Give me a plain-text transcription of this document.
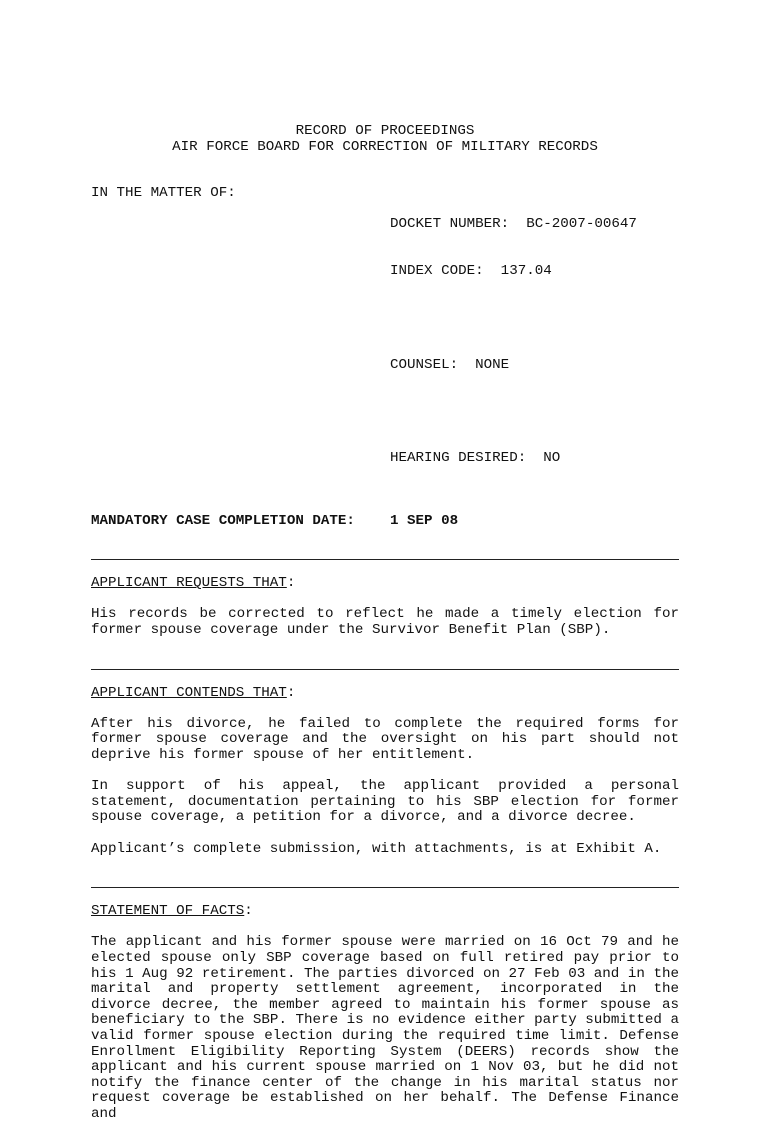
RECORD OF PROCEEDINGS
AIR FORCE BOARD FOR CORRECTION OF MILITARY RECORDS
IN THE MATTER OF:

DOCKET NUMBER:  BC-2007-00647

INDEX CODE:  137.04

COUNSEL:  NONE

HEARING DESIRED:  NO

MANDATORY CASE COMPLETION DATE:	1 SEP 08
APPLICANT REQUESTS THAT:

His records be corrected to reflect he made a timely election for former spouse coverage under the Survivor Benefit Plan (SBP).

APPLICANT CONTENDS THAT:

After his divorce, he failed to complete the required forms for former spouse coverage and the oversight on his part should not deprive his former spouse of her entitlement.

In support of his appeal, the applicant provided a personal statement, documentation pertaining to his SBP election for former spouse coverage, a petition for a divorce, and a divorce decree.

Applicant’s complete submission, with attachments, is at Exhibit A.

STATEMENT OF FACTS:

The applicant and his former spouse were married on 16 Oct 79 and he elected spouse only SBP coverage based on full retired pay prior to his 1 Aug 92 retirement. The parties divorced on 27 Feb 03 and in the marital and property settlement agreement, incorporated in the divorce decree, the member agreed to maintain his former spouse as beneficiary to the SBP. There is no evidence either party submitted a valid former spouse election during the required time limit. Defense Enrollment Eligibility Reporting System (DEERS) records show the applicant and his current spouse married on 1 Nov 03, but he did not notify the finance center of the change in his marital status nor request coverage be established on her behalf. The Defense Finance and
